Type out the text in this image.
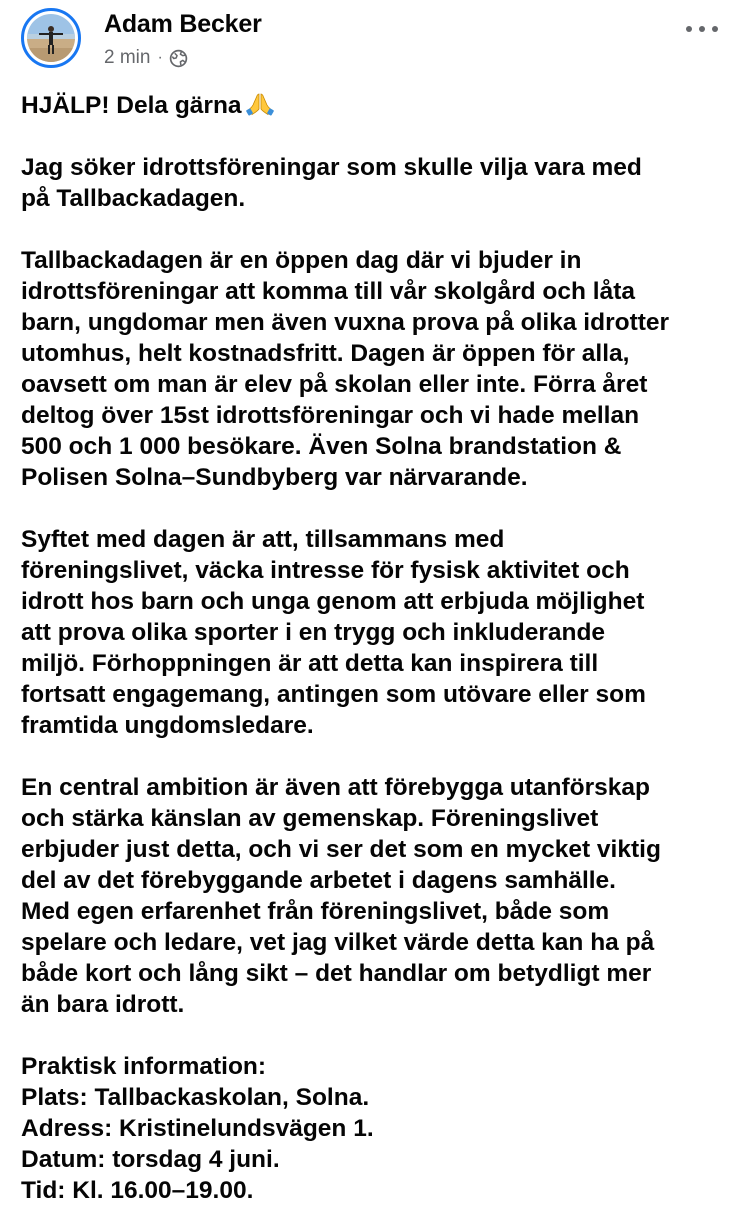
Adam Becker
2 min ·

HJÄLP! Dela gärna

Jag söker idrottsföreningar som skulle vilja vara med
på Tallbackadagen.

Tallbackadagen är en öppen dag där vi bjuder in
idrottsföreningar att komma till vår skolgård och låta
barn, ungdomar men även vuxna prova på olika idrotter
utomhus, helt kostnadsfritt. Dagen är öppen för alla,
oavsett om man är elev på skolan eller inte. Förra året
deltog över 15st idrottsföreningar och vi hade mellan
500 och 1 000 besökare. Även Solna brandstation &
Polisen Solna–Sundbyberg var närvarande.

Syftet med dagen är att, tillsammans med
föreningslivet, väcka intresse för fysisk aktivitet och
idrott hos barn och unga genom att erbjuda möjlighet
att prova olika sporter i en trygg och inkluderande
miljö. Förhoppningen är att detta kan inspirera till
fortsatt engagemang, antingen som utövare eller som
framtida ungdomsledare.

En central ambition är även att förebygga utanförskap
och stärka känslan av gemenskap. Föreningslivet
erbjuder just detta, och vi ser det som en mycket viktig
del av det förebyggande arbetet i dagens samhälle.
Med egen erfarenhet från föreningslivet, både som
spelare och ledare, vet jag vilket värde detta kan ha på
både kort och lång sikt – det handlar om betydligt mer
än bara idrott.

Praktisk information:
Plats: Tallbackaskolan, Solna.
Adress: Kristinelundsvägen 1.
Datum: torsdag 4 juni.
Tid: Kl. 16.00–19.00.
